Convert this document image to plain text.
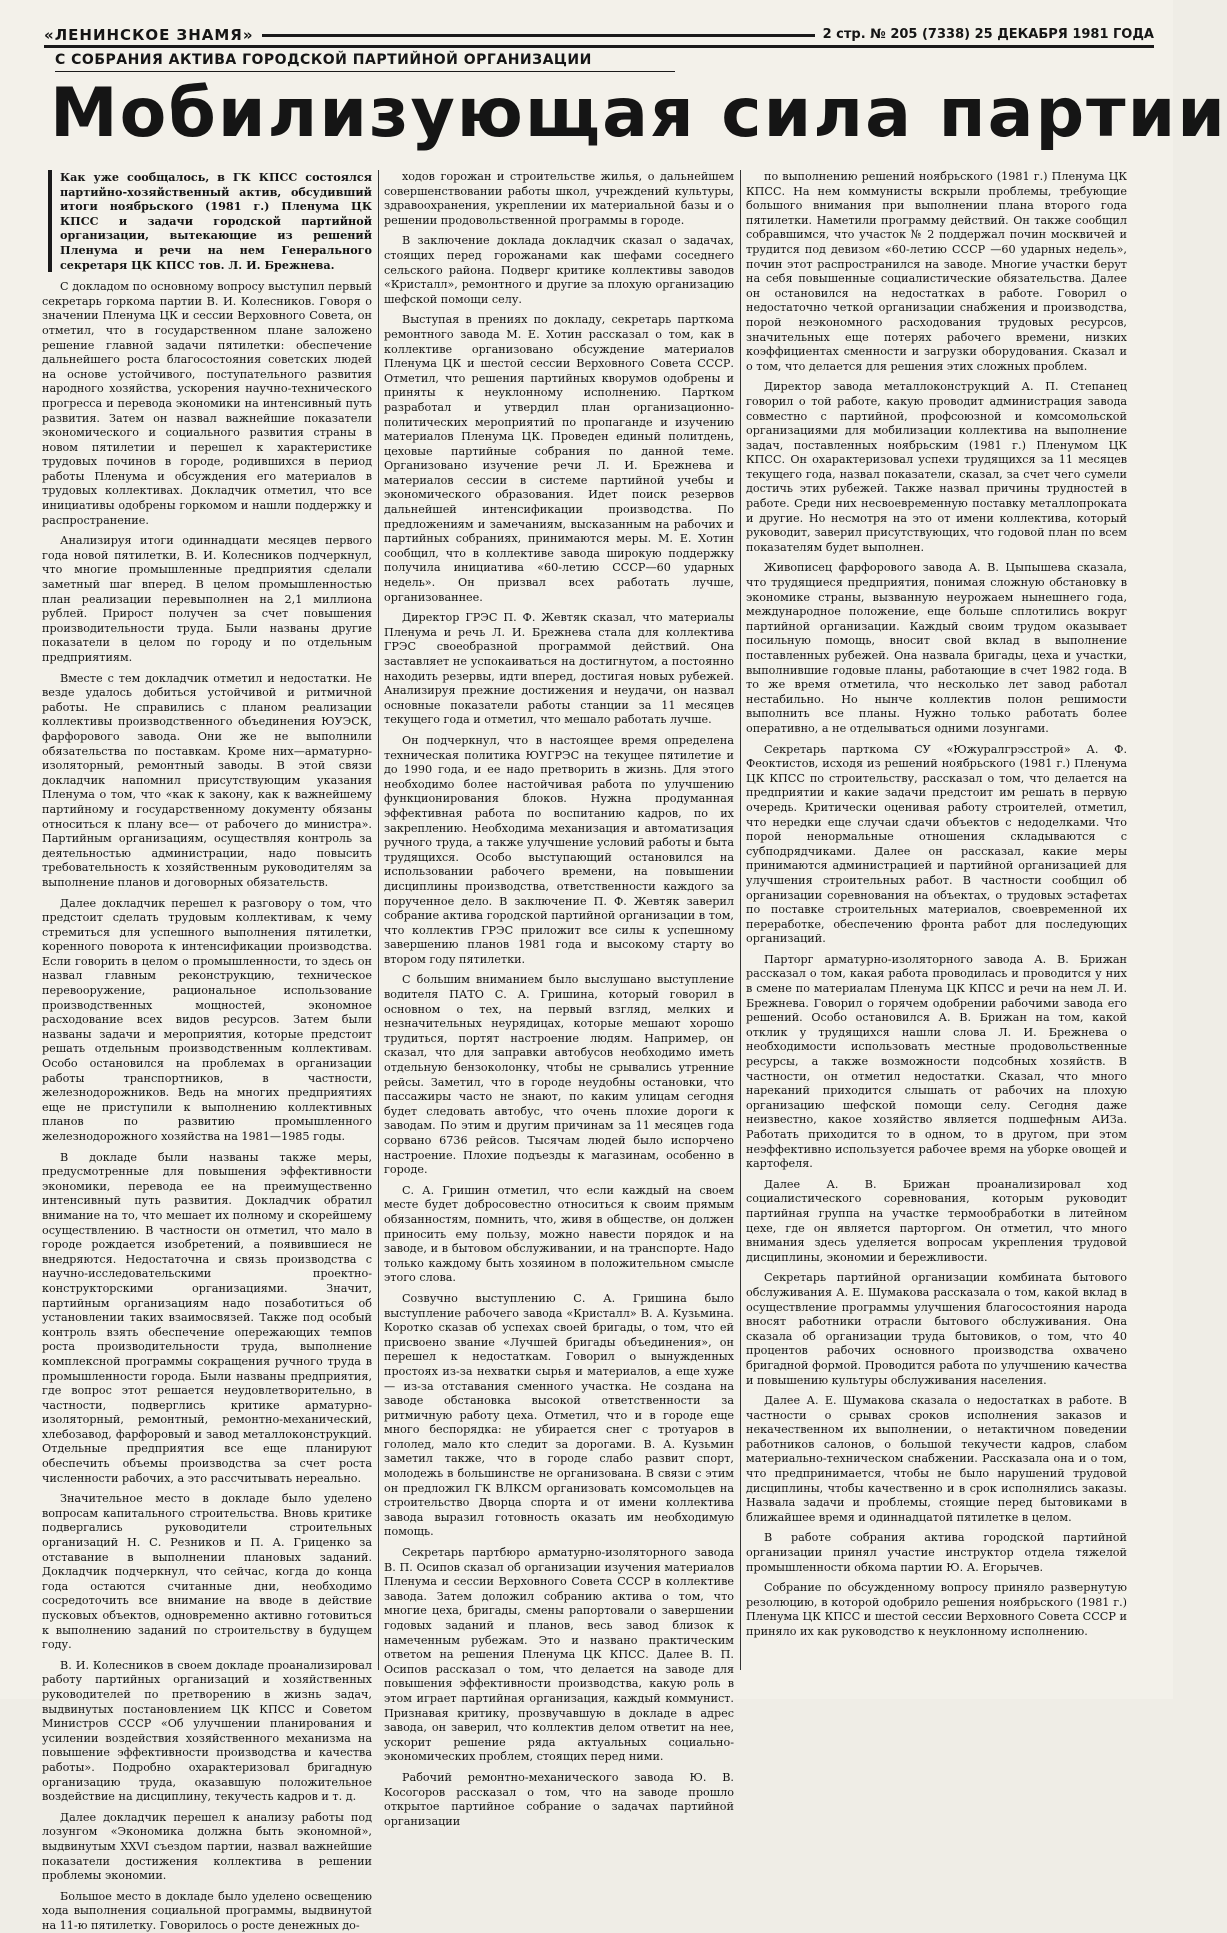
«ЛЕНИНСКОЕ ЗНАМЯ»	2 стр. № 205 (7338) 25 ДЕКАБРЯ 1981 ГОДА
С СОБРАНИЯ АКТИВА ГОРОДСКОЙ ПАРТИЙНОЙ ОРГАНИЗАЦИИ
Мобилизующая сила партии
Как уже сообщалось, в ГК КПСС состоялся партийно-хозяйственный актив, обсудивший итоги ноябрьского (1981 г.) Пленума ЦК КПСС и задачи городской партийной организации, вытекающие из решений Пленума и речи на нем Генерального секретаря ЦК КПСС тов. Л. И. Брежнева.

С докладом по основному вопросу выступил первый секретарь горкома партии В. И. Колесников. Говоря о значении Пленума ЦК и сессии Верховного Совета, он отметил, что в государственном плане заложено решение главной задачи пятилетки: обеспечение дальнейшего роста благосостояния советских людей на основе устойчивого, поступательного развития народного хозяйства, ускорения научно-технического прогресса и перевода экономики на интенсивный путь развития. Затем он назвал важнейшие показатели экономического и социального развития страны в новом пятилетии и перешел к характеристике трудовых починов в городе, родившихся в период работы Пленума и обсуждения его материалов в трудовых коллективах. Докладчик отметил, что все инициативы одобрены горкомом и нашли поддержку и распространение.

Анализируя итоги одиннадцати месяцев первого года новой пятилетки, В. И. Колесников подчеркнул, что многие промышленные предприятия сделали заметный шаг вперед. В целом промышленностью план реализации перевыполнен на 2,1 миллиона рублей. Прирост получен за счет повышения производительности труда. Были названы другие показатели в целом по городу и по отдельным предприятиям.

Вместе с тем докладчик отметил и недостатки. Не везде удалось добиться устойчивой и ритмичной работы. Не справились с планом реализации коллективы производственного объединения ЮУЭСК, фарфорового завода. Они же не выполнили обязательства по поставкам. Кроме них—арматурно-изоляторный, ремонтный заводы. В этой связи докладчик напомнил присутствующим указания Пленума о том, что «как к закону, как к важнейшему партийному и государственному документу обязаны относиться к плану все— от рабочего до министра». Партийным организациям, осуществляя контроль за деятельностью администрации, надо повысить требовательность к хозяйственным руководителям за выполнение планов и договорных обязательств.

Далее докладчик перешел к разговору о том, что предстоит сделать трудовым коллективам, к чему стремиться для успешного выполнения пятилетки, коренного поворота к интенсификации производства. Если говорить в целом о промышленности, то здесь он назвал главным реконструкцию, техническое перевооружение, рациональное использование производственных мощностей, экономное расходование всех видов ресурсов. Затем были названы задачи и мероприятия, которые предстоит решать отдельным производственным коллективам. Особо остановился на проблемах в организации работы транспортников, в частности, железнодорожников. Ведь на многих предприятиях еще не приступили к выполнению коллективных планов по развитию промышленного железнодорожного хозяйства на 1981—1985 годы.

В докладе были названы также меры, предусмотренные для повышения эффективности экономики, перевода ее на преимущественно интенсивный путь развития. Докладчик обратил внимание на то, что мешает их полному и скорейшему осуществлению. В частности он отметил, что мало в городе рождается изобретений, а появившиеся не внедряются. Недостаточна и связь производства с научно-исследовательскими проектно-конструкторскими организациями. Значит, партийным организациям надо позаботиться об установлении таких взаимосвязей. Также под особый контроль взять обеспечение опережающих темпов роста производительности труда, выполнение комплексной программы сокращения ручного труда в промышленности города. Были названы предприятия, где вопрос этот решается неудовлетворительно, в частности, подверглись критике арматурно-изоляторный, ремонтный, ремонтно-механический, хлебозавод, фарфоровый и завод металлоконструкций. Отдельные предприятия все еще планируют обеспечить объемы производства за счет роста численности рабочих, а это рассчитывать нереально.

Значительное место в докладе было уделено вопросам капитального строительства. Вновь критике подвергались руководители строительных организаций Н. С. Резников и П. А. Гриценко за отставание в выполнении плановых заданий. Докладчик подчеркнул, что сейчас, когда до конца года остаются считанные дни, необходимо сосредоточить все внимание на вводе в действие пусковых объектов, одновременно активно готовиться к выполнению заданий по строительству в будущем году.

В. И. Колесников в своем докладе проанализировал работу партийных организаций и хозяйственных руководителей по претворению в жизнь задач, выдвинутых постановлением ЦК КПСС и Советом Министров СССР «Об улучшении планирования и усилении воздействия хозяйственного механизма на повышение эффективности производства и качества работы». Подробно охарактеризовал бригадную организацию труда, оказавшую положительное воздействие на дисциплину, текучесть кадров и т. д.

Далее докладчик перешел к анализу работы под лозунгом «Экономика должна быть экономной», выдвинутым XXVI съездом партии, назвал важнейшие показатели достижения коллектива в решении проблемы экономии.

Большое место в докладе было уделено освещению хода выполнения социальной программы, выдвинутой на 11-ю пятилетку. Говорилось о росте денежных до-

ходов горожан и строительстве жилья, о дальнейшем совершенствовании работы школ, учреждений культуры, здравоохранения, укреплении их материальной базы и о решении продовольственной программы в городе.

В заключение доклада докладчик сказал о задачах, стоящих перед горожанами как шефами соседнего сельского района. Подверг критике коллективы заводов «Кристалл», ремонтного и другие за плохую организацию шефской помощи селу.

Выступая в прениях по докладу, секретарь парткома ремонтного завода М. Е. Хотин рассказал о том, как в коллективе организовано обсуждение материалов Пленума ЦК и шестой сессии Верховного Совета СССР. Отметил, что решения партийных кворумов одобрены и приняты к неуклонному исполнению. Партком разработал и утвердил план организационно-политических мероприятий по пропаганде и изучению материалов Пленума ЦК. Проведен единый политдень, цеховые партийные собрания по данной теме. Организовано изучение речи Л. И. Брежнева и материалов сессии в системе партийной учебы и экономического образования. Идет поиск резервов дальнейшей интенсификации производства. По предложениям и замечаниям, высказанным на рабочих и партийных собраниях, принимаются меры. М. Е. Хотин сообщил, что в коллективе завода широкую поддержку получила инициатива «60-летию СССР—60 ударных недель». Он призвал всех работать лучше, организованнее.

Директор ГРЭС П. Ф. Жевтяк сказал, что материалы Пленума и речь Л. И. Брежнева стала для коллектива ГРЭС своеобразной программой действий. Она заставляет не успокаиваться на достигнутом, а постоянно находить резервы, идти вперед, достигая новых рубежей. Анализируя прежние достижения и неудачи, он назвал основные показатели работы станции за 11 месяцев текущего года и отметил, что мешало работать лучше.

Он подчеркнул, что в настоящее время определена техническая политика ЮУГРЭС на текущее пятилетие и до 1990 года, и ее надо претворить в жизнь. Для этого необходимо более настойчивая работа по улучшению функционирования блоков. Нужна продуманная эффективная работа по воспитанию кадров, по их закреплению. Необходима механизация и автоматизация ручного труда, а также улучшение условий работы и быта трудящихся. Особо выступающий остановился на использовании рабочего времени, на повышении дисциплины производства, ответственности каждого за порученное дело. В заключение П. Ф. Жевтяк заверил собрание актива городской партийной организации в том, что коллектив ГРЭС приложит все силы к успешному завершению планов 1981 года и высокому старту во втором году пятилетки.

С большим вниманием было выслушано выступление водителя ПАТО С. А. Гришина, который говорил в основном о тех, на первый взгляд, мелких и незначительных неурядицах, которые мешают хорошо трудиться, портят настроение людям. Например, он сказал, что для заправки автобусов необходимо иметь отдельную бензоколонку, чтобы не срывались утренние рейсы. Заметил, что в городе неудобны остановки, что пассажиры часто не знают, по каким улицам сегодня будет следовать автобус, что очень плохие дороги к заводам. По этим и другим причинам за 11 месяцев года сорвано 6736 рейсов. Тысячам людей было испорчено настроение. Плохие подъезды к магазинам, особенно в городе.

С. А. Гришин отметил, что если каждый на своем месте будет добросовестно относиться к своим прямым обязанностям, помнить, что, живя в обществе, он должен приносить ему пользу, можно навести порядок и на заводе, и в бытовом обслуживании, и на транспорте. Надо только каждому быть хозяином в положительном смысле этого слова.

Созвучно выступлению С. А. Гришина было выступление рабочего завода «Кристалл» В. А. Кузьмина. Коротко сказав об успехах своей бригады, о том, что ей присвоено звание «Лучшей бригады объединения», он перешел к недостаткам. Говорил о вынужденных простоях из-за нехватки сырья и материалов, а еще хуже— из-за отставания сменного участка. Не создана на заводе обстановка высокой ответственности за ритмичную работу цеха. Отметил, что и в городе еще много беспорядка: не убирается снег с тротуаров в гололед, мало кто следит за дорогами. В. А. Кузьмин заметил также, что в городе слабо развит спорт, молодежь в большинстве не организована. В связи с этим он предложил ГК ВЛКСМ организовать комсомольцев на строительство Дворца спорта и от имени коллектива завода выразил готовность оказать им необходимую помощь.

Секретарь партбюро арматурно-изоляторного завода В. П. Осипов сказал об организации изучения материалов Пленума и сессии Верховного Совета СССР в коллективе завода. Затем доложил собранию актива о том, что многие цеха, бригады, смены рапортовали о завершении годовых заданий и планов, весь завод близок к намеченным рубежам. Это и названо практическим ответом на решения Пленума ЦК КПСС. Далее В. П. Осипов рассказал о том, что делается на заводе для повышения эффективности производства, какую роль в этом играет партийная организация, каждый коммунист. Признавая критику, прозвучавшую в докладе в адрес завода, он заверил, что коллектив делом ответит на нее, ускорит решение ряда актуальных социально-экономических проблем, стоящих перед ними.

Рабочий ремонтно-механического завода Ю. В. Косогоров рассказал о том, что на заводе прошло открытое партийное собрание о задачах партийной организации

по выполнению решений ноябрьского (1981 г.) Пленума ЦК КПСС. На нем коммунисты вскрыли проблемы, требующие большого внимания при выполнении плана второго года пятилетки. Наметили программу действий. Он также сообщил собравшимся, что участок № 2 поддержал почин москвичей и трудится под девизом «60-летию СССР —60 ударных недель», почин этот распространился на заводе. Многие участки берут на себя повышенные социалистические обязательства. Далее он остановился на недостатках в работе. Говорил о недостаточно четкой организации снабжения и производства, порой неэкономного расходования трудовых ресурсов, значительных еще потерях рабочего времени, низких коэффициентах сменности и загрузки оборудования. Сказал и о том, что делается для решения этих сложных проблем.

Директор завода металлоконструкций А. П. Степанец говорил о той работе, какую проводит администрация завода совместно с партийной, профсоюзной и комсомольской организациями для мобилизации коллектива на выполнение задач, поставленных ноябрьским (1981 г.) Пленумом ЦК КПСС. Он охарактеризовал успехи трудящихся за 11 месяцев текущего года, назвал показатели, сказал, за счет чего сумели достичь этих рубежей. Также назвал причины трудностей в работе. Среди них несвоевременную поставку металлопроката и другие. Но несмотря на это от имени коллектива, который руководит, заверил присутствующих, что годовой план по всем показателям будет выполнен.

Живописец фарфорового завода А. В. Цыпышева сказала, что трудящиеся предприятия, понимая сложную обстановку в экономике страны, вызванную неурожаем нынешнего года, международное положение, еще больше сплотились вокруг партийной организации. Каждый своим трудом оказывает посильную помощь, вносит свой вклад в выполнение поставленных рубежей. Она назвала бригады, цеха и участки, выполнившие годовые планы, работающие в счет 1982 года. В то же время отметила, что несколько лет завод работал нестабильно. Но нынче коллектив полон решимости выполнить все планы. Нужно только работать более оперативно, а не отделываться одними лозунгами.

Секретарь парткома СУ «Южуралгрэсстрой» А. Ф. Феоктистов, исходя из решений ноябрьского (1981 г.) Пленума ЦК КПСС по строительству, рассказал о том, что делается на предприятии и какие задачи предстоит им решать в первую очередь. Критически оценивая работу строителей, отметил, что нередки еще случаи сдачи объектов с недоделками. Что порой ненормальные отношения складываются с субподрядчиками. Далее он рассказал, какие меры принимаются администрацией и партийной организацией для улучшения строительных работ. В частности сообщил об организации соревнования на объектах, о трудовых эстафетах по поставке строительных материалов, своевременной их переработке, обеспечению фронта работ для последующих организаций.

Парторг арматурно-изоляторного завода А. В. Брижан рассказал о том, какая работа проводилась и проводится у них в смене по материалам Пленума ЦК КПСС и речи на нем Л. И. Брежнева. Говорил о горячем одобрении рабочими завода его решений. Особо остановился А. В. Брижан на том, какой отклик у трудящихся нашли слова Л. И. Брежнева о необходимости использовать местные продовольственные ресурсы, а также возможности подсобных хозяйств. В частности, он отметил недостатки. Сказал, что много нареканий приходится слышать от рабочих на плохую организацию шефской помощи селу. Сегодня даже неизвестно, какое хозяйство является подшефным АИЗа. Работать приходится то в одном, то в другом, при этом неэффективно используется рабочее время на уборке овощей и картофеля.

Далее А. В. Брижан проанализировал ход социалистического соревнования, которым руководит партийная группа на участке термообработки в литейном цехе, где он является парторгом. Он отметил, что много внимания здесь уделяется вопросам укрепления трудовой дисциплины, экономии и бережливости.

Секретарь партийной организации комбината бытового обслуживания А. Е. Шумакова рассказала о том, какой вклад в осуществление программы улучшения благосостояния народа вносят работники отрасли бытового обслуживания. Она сказала об организации труда бытовиков, о том, что 40 процентов рабочих основного производства охвачено бригадной формой. Проводится работа по улучшению качества и повышению культуры обслуживания населения.

Далее А. Е. Шумакова сказала о недостатках в работе. В частности о срывах сроков исполнения заказов и некачественном их выполнении, о нетактичном поведении работников салонов, о большой текучести кадров, слабом материально-техническом снабжении. Рассказала она и о том, что предпринимается, чтобы не было нарушений трудовой дисциплины, чтобы качественно и в срок исполнялись заказы. Назвала задачи и проблемы, стоящие перед бытовиками в ближайшее время и одиннадцатой пятилетке в целом.

В работе собрания актива городской партийной организации принял участие инструктор отдела тяжелой промышленности обкома партии Ю. А. Егорычев.

Собрание по обсужденному вопросу приняло развернутую резолюцию, в которой одобрило решения ноябрьского (1981 г.) Пленума ЦК КПСС и шестой сессии Верховного Совета СССР и приняло их как руководство к неуклонному исполнению.
